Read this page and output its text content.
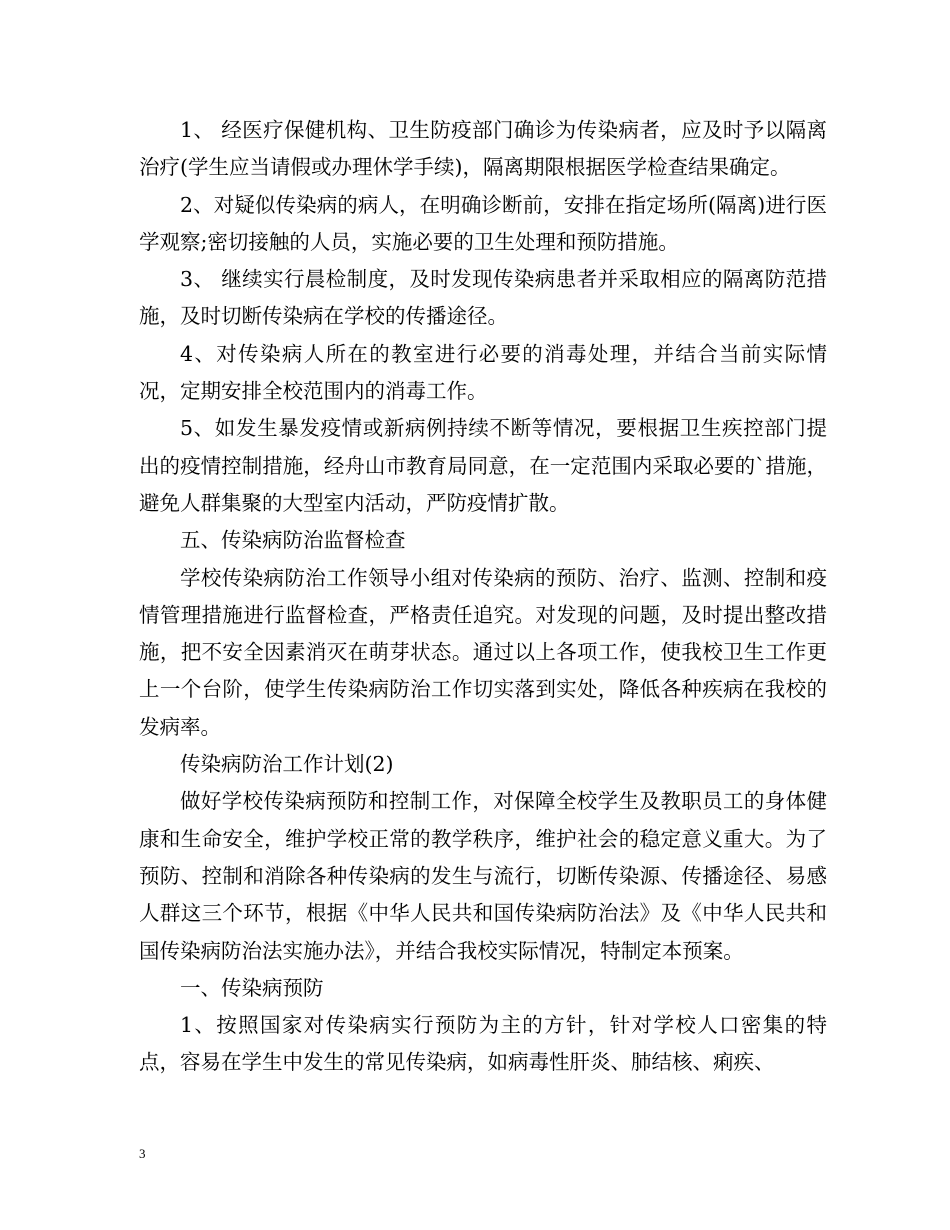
1、 经医疗保健机构、卫生防疫部门确诊为传染病者，应及时予以隔离治疗(学生应当请假或办理休学手续)，隔离期限根据医学检查结果确定。

2、对疑似传染病的病人，在明确诊断前，安排在指定场所(隔离)进行医学观察;密切接触的人员，实施必要的卫生处理和预防措施。

3、 继续实行晨检制度，及时发现传染病患者并采取相应的隔离防范措施，及时切断传染病在学校的传播途径。

4、对传染病人所在的教室进行必要的消毒处理，并结合当前实际情况，定期安排全校范围内的消毒工作。

5、如发生暴发疫情或新病例持续不断等情况，要根据卫生疾控部门提出的疫情控制措施，经舟山市教育局同意，在一定范围内采取必要的`措施，避免人群集聚的大型室内活动，严防疫情扩散。

五、传染病防治监督检查

学校传染病防治工作领导小组对传染病的预防、治疗、监测、控制和疫情管理措施进行监督检查，严格责任追究。对发现的问题，及时提出整改措施，把不安全因素消灭在萌芽状态。通过以上各项工作，使我校卫生工作更上一个台阶，使学生传染病防治工作切实落到实处，降低各种疾病在我校的发病率。

传染病防治工作计划(2)

做好学校传染病预防和控制工作，对保障全校学生及教职员工的身体健康和生命安全，维护学校正常的教学秩序，维护社会的稳定意义重大。为了预防、控制和消除各种传染病的发生与流行，切断传染源、传播途径、易感人群这三个环节，根据《中华人民共和国传染病防治法》及《中华人民共和国传染病防治法实施办法》，并结合我校实际情况，特制定本预案。

一、传染病预防

1、按照国家对传染病实行预防为主的方针，针对学校人口密集的特点，容易在学生中发生的常见传染病，如病毒性肝炎、肺结核、痢疾、

3
